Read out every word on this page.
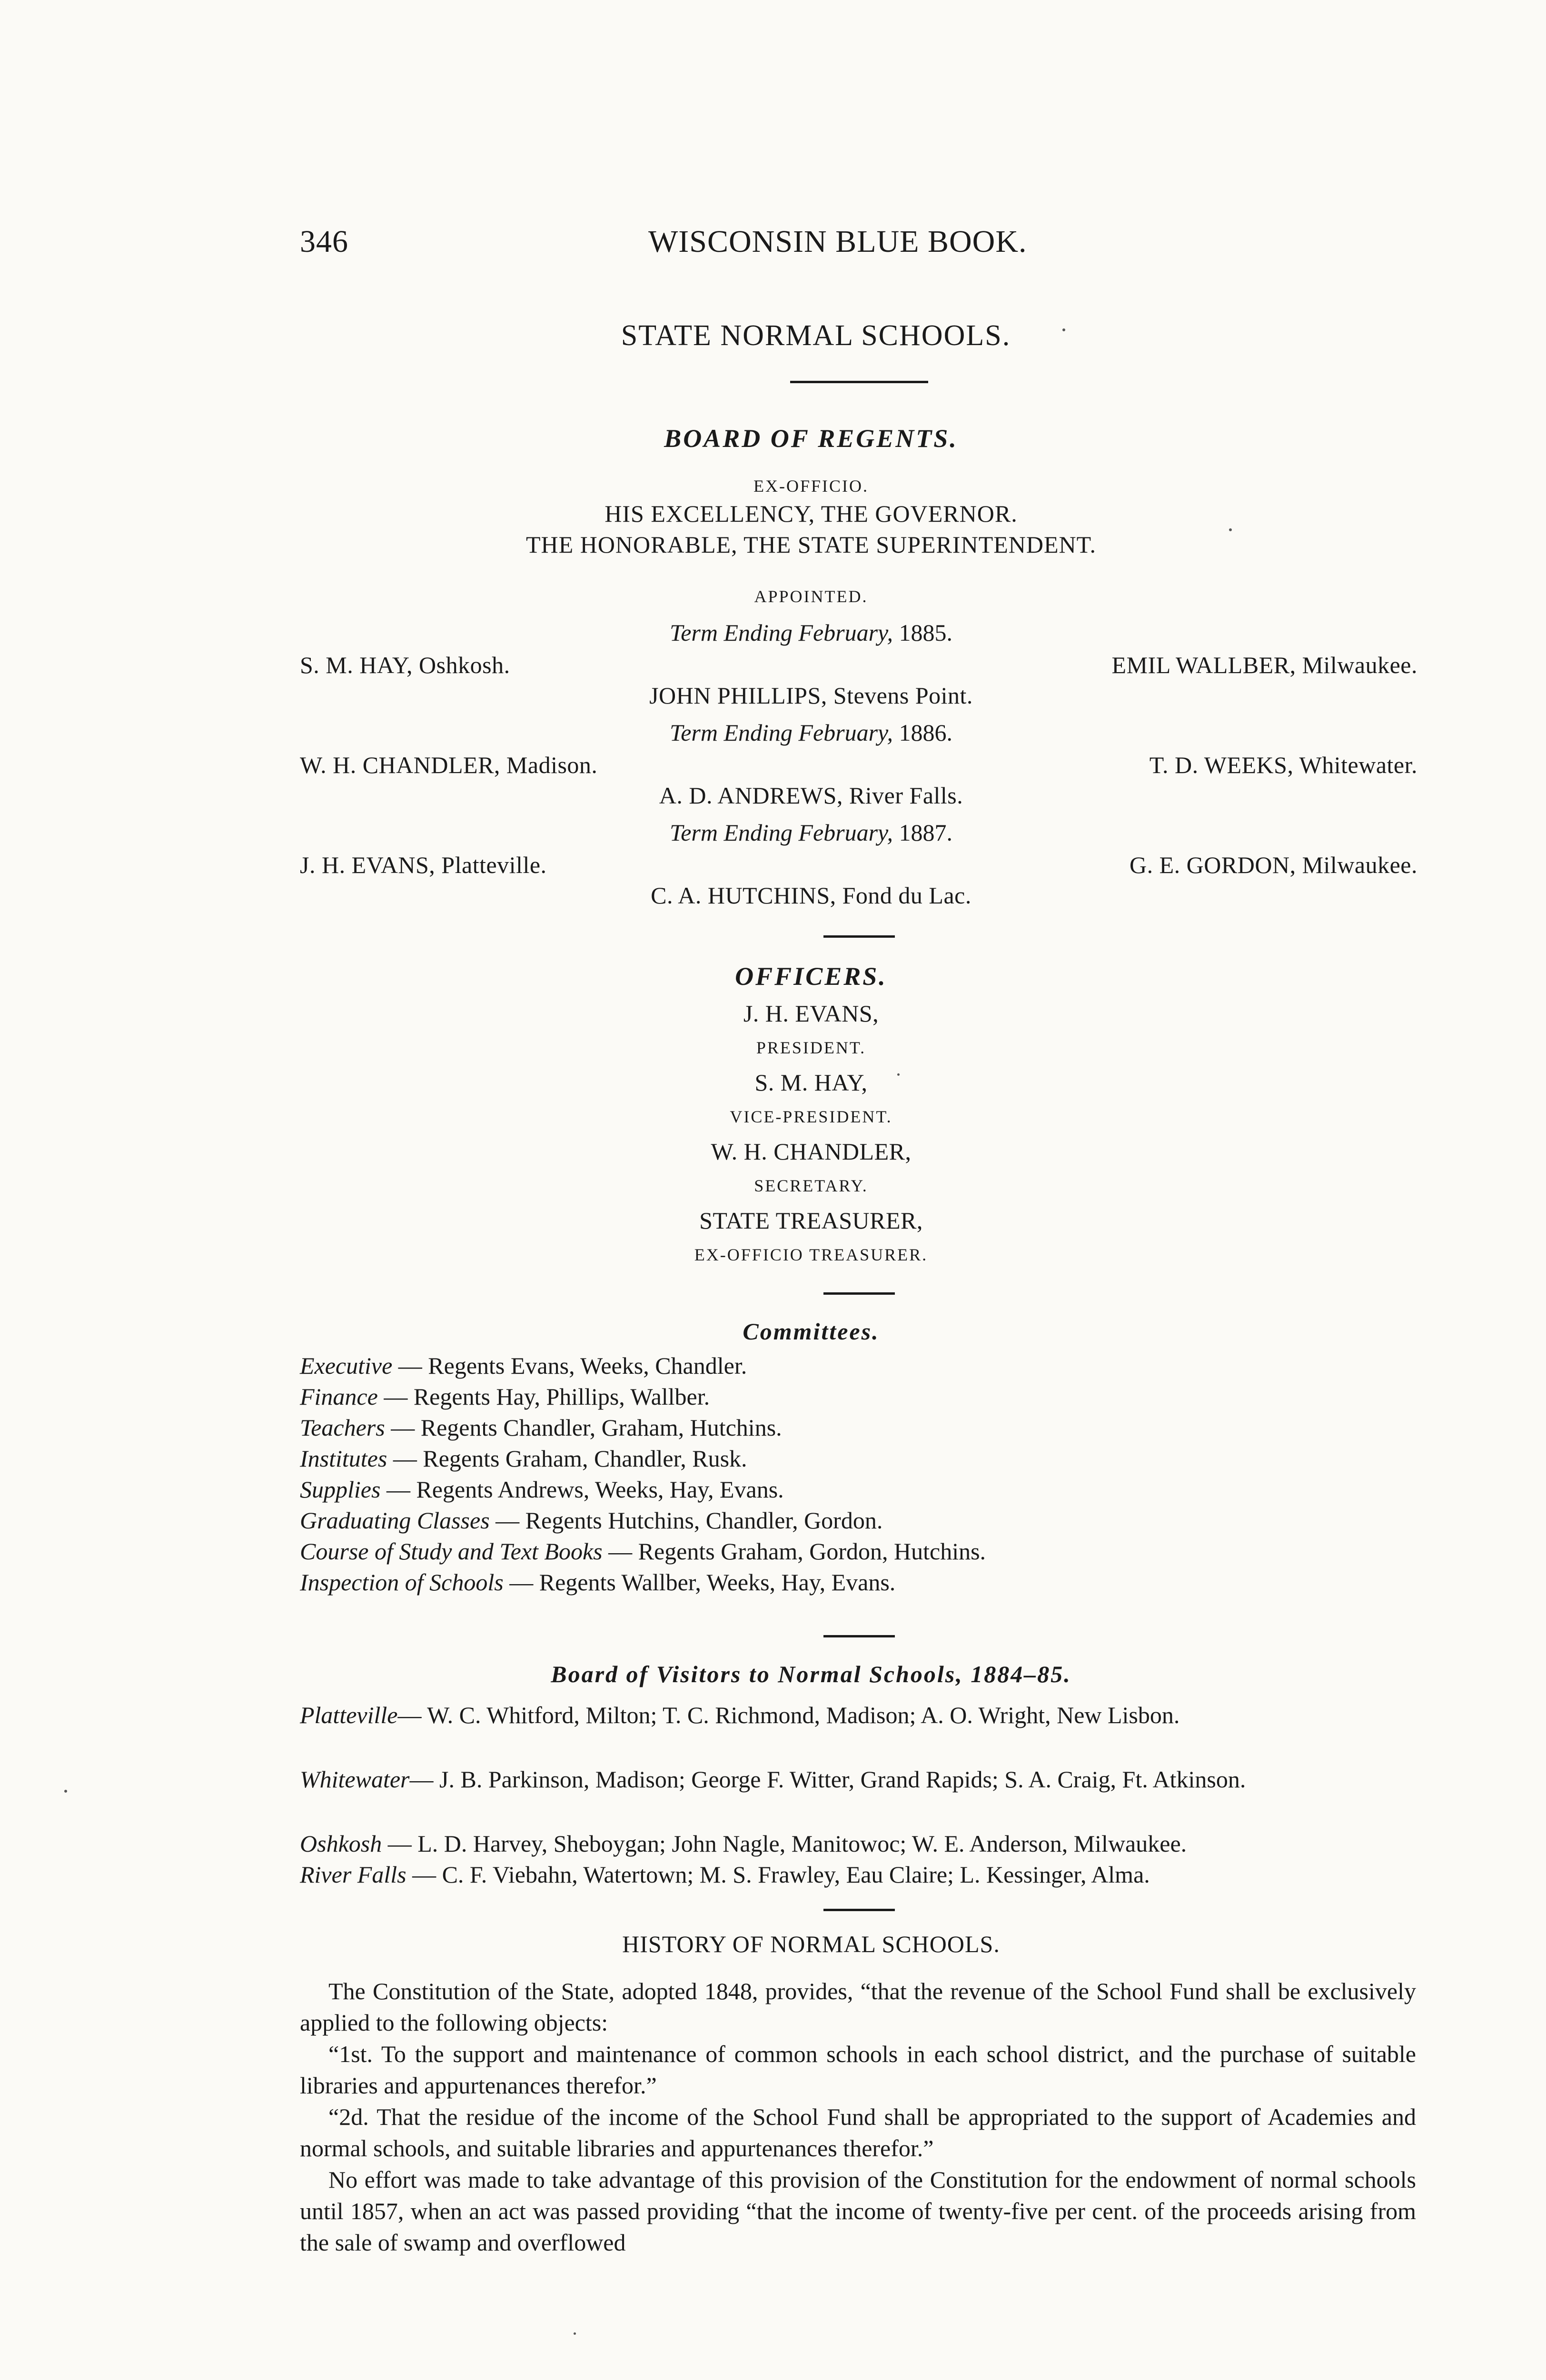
346	WISCONSIN BLUE BOOK.
STATE NORMAL SCHOOLS.
BOARD OF REGENTS.
EX-OFFICIO.
HIS EXCELLENCY, THE GOVERNOR.
THE HONORABLE, THE STATE SUPERINTENDENT.
APPOINTED.
Term Ending February, 1885.
S. M. HAY, Oshkosh.	EMIL WALLBER, Milwaukee.
JOHN PHILLIPS, Stevens Point.
Term Ending February, 1886.
W. H. CHANDLER, Madison.	T. D. WEEKS, Whitewater.
A. D. ANDREWS, River Falls.
Term Ending February, 1887.
J. H. EVANS, Platteville.	G. E. GORDON, Milwaukee.
C. A. HUTCHINS, Fond du Lac.
OFFICERS.
J. H. EVANS,
PRESIDENT.
S. M. HAY,
VICE-PRESIDENT.
W. H. CHANDLER,
SECRETARY.
STATE TREASURER,
EX-OFFICIO TREASURER.
Committees.
Executive — Regents Evans, Weeks, Chandler.
Finance — Regents Hay, Phillips, Wallber.
Teachers — Regents Chandler, Graham, Hutchins.
Institutes — Regents Graham, Chandler, Rusk.
Supplies — Regents Andrews, Weeks, Hay, Evans.
Graduating Classes — Regents Hutchins, Chandler, Gordon.
Course of Study and Text Books — Regents Graham, Gordon, Hutchins.
Inspection of Schools — Regents Wallber, Weeks, Hay, Evans.
Board of Visitors to Normal Schools, 1884–85.
Platteville— W. C. Whitford, Milton; T. C. Richmond, Madison; A. O. Wright, New Lisbon.
Whitewater— J. B. Parkinson, Madison; George F. Witter, Grand Rapids; S. A. Craig, Ft. Atkinson.
Oshkosh — L. D. Harvey, Sheboygan; John Nagle, Manitowoc; W. E. Anderson, Milwaukee.
River Falls — C. F. Viebahn, Watertown; M. S. Frawley, Eau Claire; L. Kessinger, Alma.
HISTORY OF NORMAL SCHOOLS.
The Constitution of the State, adopted 1848, provides, “that the revenue of the School Fund shall be exclusively applied to the following objects:
“1st. To the support and maintenance of common schools in each school district, and the purchase of suitable libraries and appurtenances therefor.”
“2d. That the residue of the income of the School Fund shall be appropriated to the support of Academies and normal schools, and suitable libraries and appurtenances therefor.”
No effort was made to take advantage of this provision of the Constitution for the endowment of normal schools until 1857, when an act was passed providing “that the income of twenty-five per cent. of the proceeds arising from the sale of swamp and overflowed
